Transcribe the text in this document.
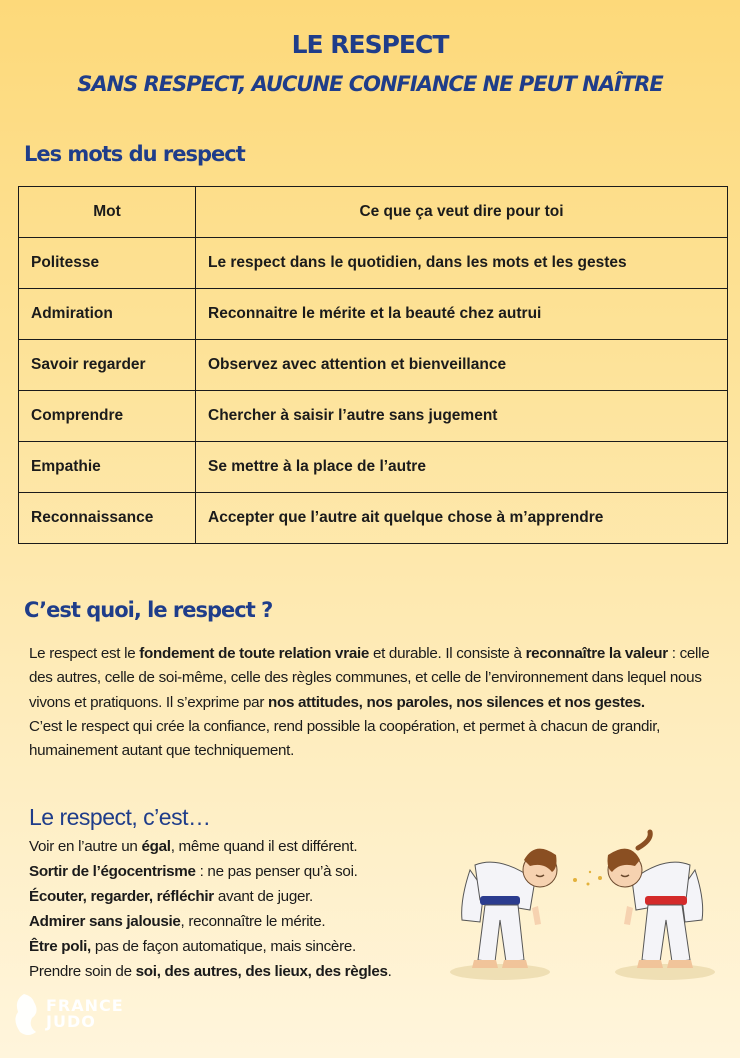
LE RESPECT
SANS RESPECT, AUCUNE CONFIANCE NE PEUT NAÎTRE
Les mots du respect
Mot	Ce que ça veut dire pour toi
Politesse	Le respect dans le quotidien, dans les mots et les gestes
Admiration	Reconnaitre le mérite et la beauté chez autrui
Savoir regarder	Observez avec attention et bienveillance
Comprendre	Chercher à saisir l’autre sans jugement
Empathie	Se mettre à la place de l’autre
Reconnaissance	Accepter que l’autre ait quelque chose à m’apprendre
C’est quoi, le respect ?
Le respect est le fondement de toute relation vraie et durable. Il consiste à reconnaître la valeur : celle des autres, celle de soi-même, celle des règles communes, et celle de l’environnement dans lequel nous vivons et pratiquons. Il s’exprime par nos attitudes, nos paroles, nos silences et nos gestes.
C’est le respect qui crée la confiance, rend possible la coopération, et permet à chacun de grandir, humainement autant que techniquement.
Le respect, c’est…
Voir en l’autre un égal, même quand il est différent.
Sortir de l’égocentrisme : ne pas penser qu’à soi.
Écouter, regarder, réfléchir avant de juger.
Admirer sans jalousie, reconnaître le mérite.
Être poli, pas de façon automatique, mais sincère.
Prendre soin de soi, des autres, des lieux, des règles.
FRANCE
JUDO
